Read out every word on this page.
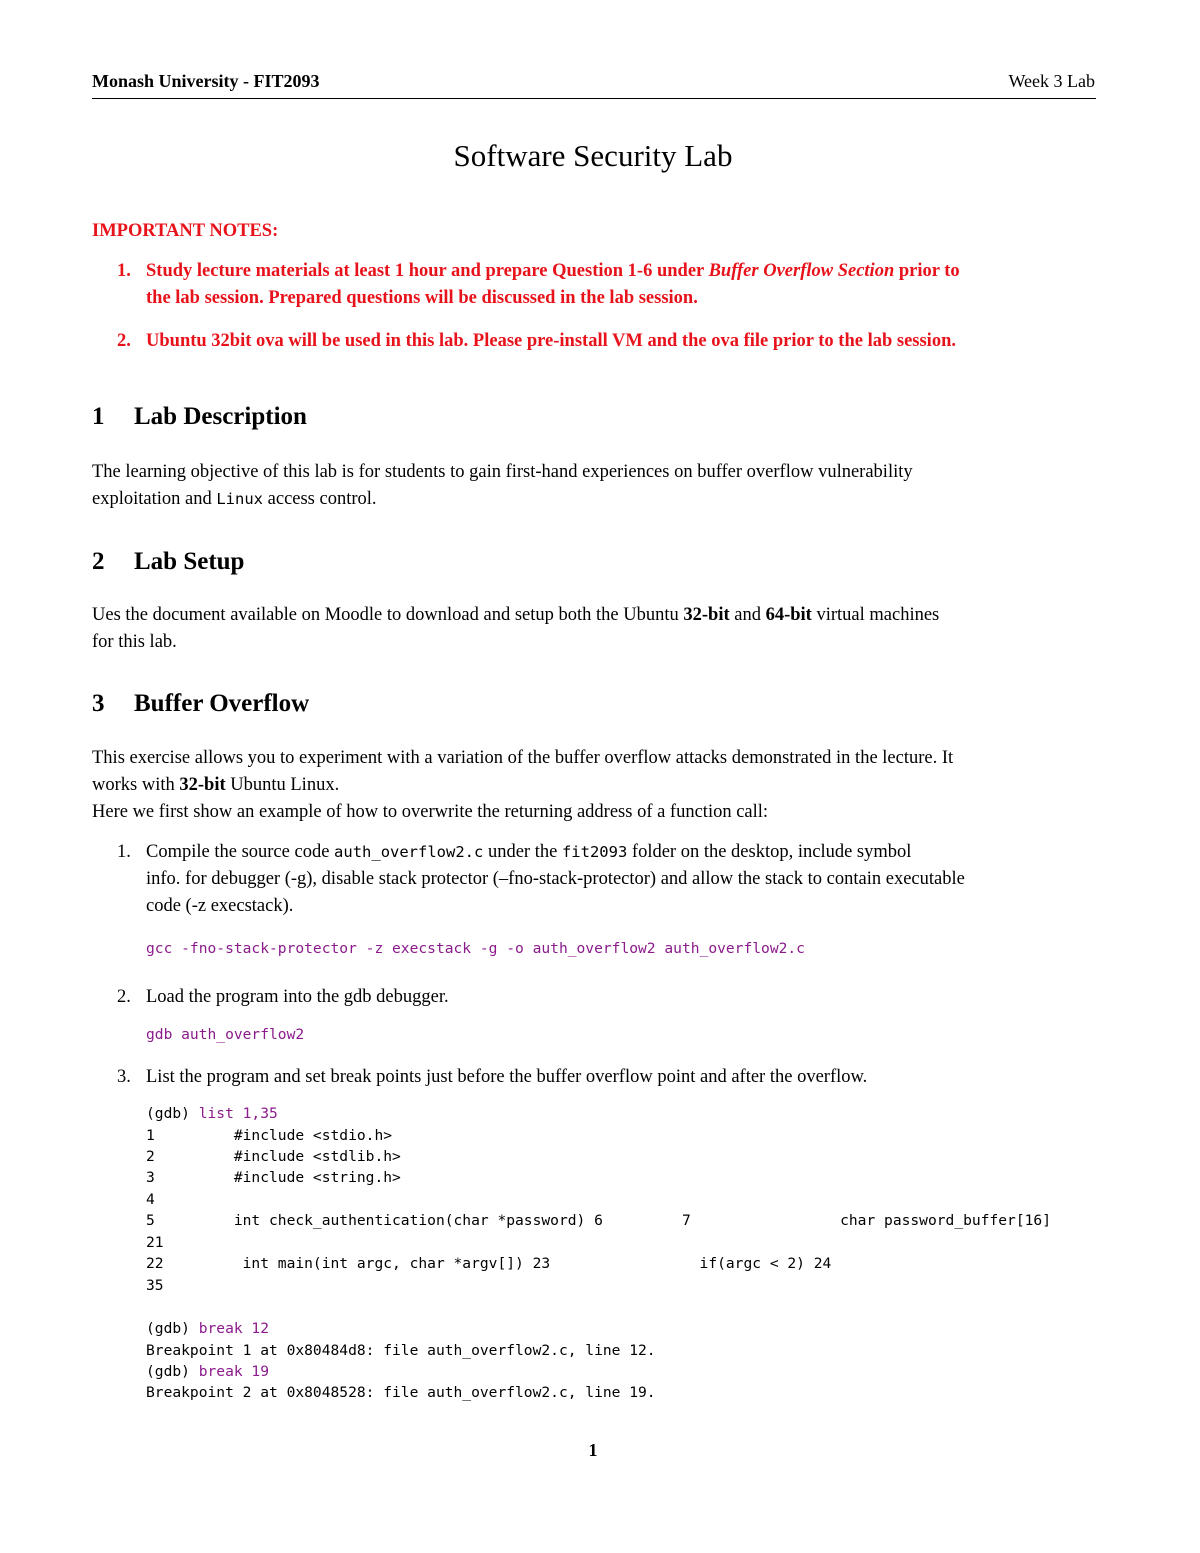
Monash University - FIT2093	Week 3 Lab
Software Security Lab
IMPORTANT NOTES:
1. Study lecture materials at least 1 hour and prepare Question 1-6 under Buffer Overflow Section prior to
the lab session. Prepared questions will be discussed in the lab session.
2. Ubuntu 32bit ova will be used in this lab. Please pre-install VM and the ova file prior to the lab session.
1 Lab Description
The learning objective of this lab is for students to gain first-hand experiences on buffer overflow vulnerability
exploitation and Linux access control.
2 Lab Setup
Ues the document available on Moodle to download and setup both the Ubuntu 32-bit and 64-bit virtual machines
for this lab.
3 Buffer Overflow
This exercise allows you to experiment with a variation of the buffer overflow attacks demonstrated in the lecture. It
works with 32-bit Ubuntu Linux.
Here we first show an example of how to overwrite the returning address of a function call:
1. Compile the source code auth_overflow2.c under the fit2093 folder on the desktop, include symbol
info. for debugger (-g), disable stack protector (–fno-stack-protector) and allow the stack to contain executable
code (-z execstack).
gcc -fno-stack-protector -z execstack -g -o auth_overflow2 auth_overflow2.c
2. Load the program into the gdb debugger.
gdb auth_overflow2
3. List the program and set break points just before the buffer overflow point and after the overflow.
(gdb) list 1,35
1         #include <stdio.h>
2         #include <stdlib.h>
3         #include <string.h>
4
5         int check_authentication(char *password) 6         7                 char password_buffer[16]
21
22         int main(int argc, char *argv[]) 23                 if(argc < 2) 24
35
(gdb) break 12
Breakpoint 1 at 0x80484d8: file auth_overflow2.c, line 12.
(gdb) break 19
Breakpoint 2 at 0x8048528: file auth_overflow2.c, line 19.
1
